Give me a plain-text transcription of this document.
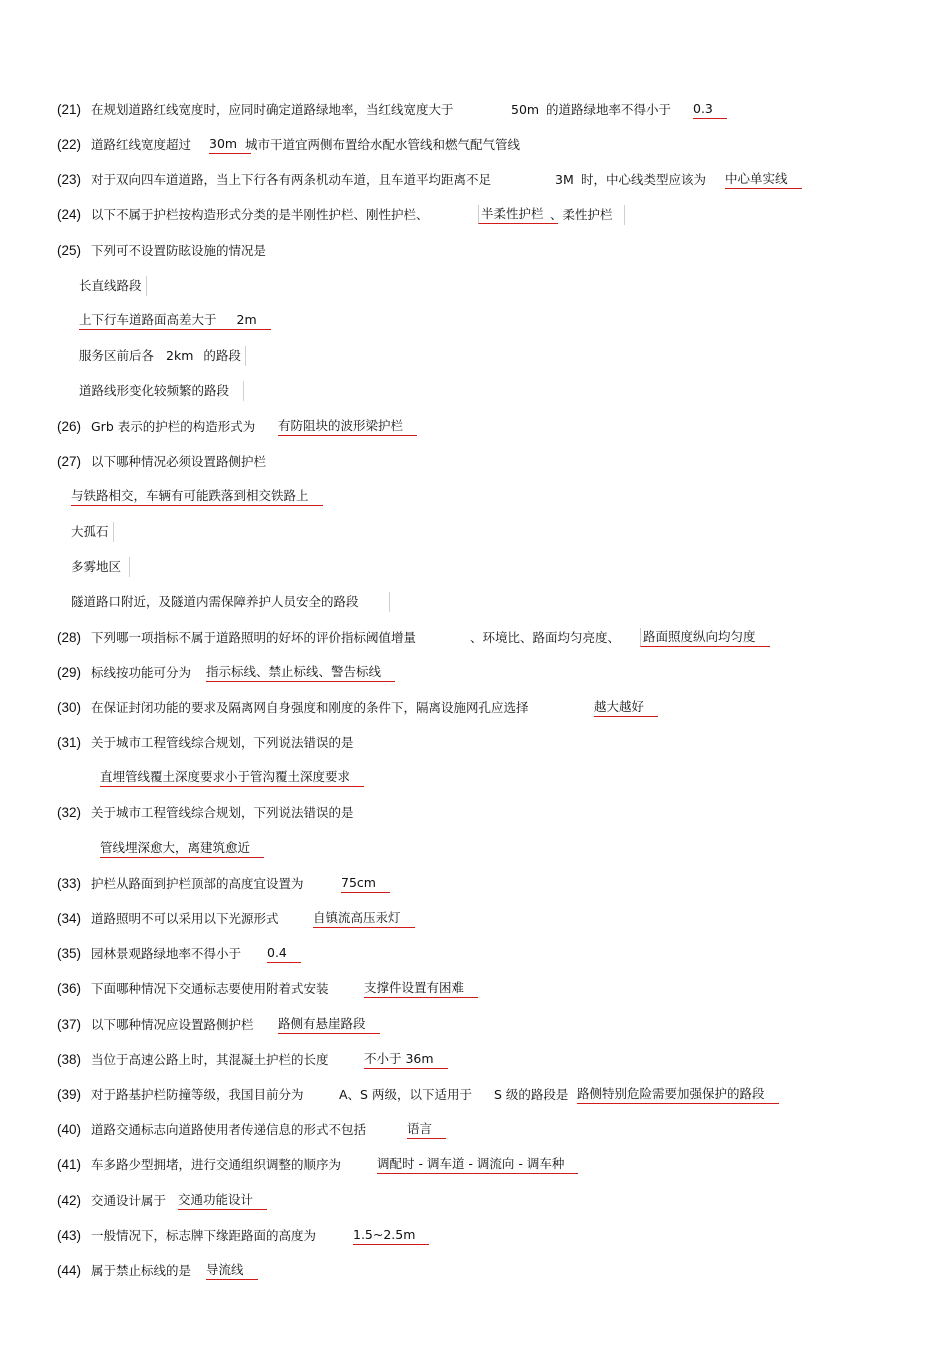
(21) 在规划道路红线宽度时，应同时确定道路绿地率，当红线宽度大于	50m 的道路绿地率不得小于 0.3
(22) 道路红线宽度超过 30m 城市干道宜两侧布置给水配水管线和燃气配气管线
(23) 对于双向四车道道路，当上下行各有两条机动车道，且车道平均距离不足	3M 时，中心线类型应该为 中心单实线
(24) 以下不属于护栏按构造形式分类的是半刚性护栏、刚性护栏、	半柔性护栏 、柔性护栏
(25) 下列可不设置防眩设施的情况是
长直线路段
上下行车道路面高差大于 2m
服务区前后各 2km 的路段
道路线形变化较频繁的路段
(26) Grb 表示的护栏的构造形式为 有防阻块的波形梁护栏
(27) 以下哪种情况必须设置路侧护栏
与铁路相交，车辆有可能跌落到相交铁路上
大孤石
多雾地区
隧道路口附近，及隧道内需保障养护人员安全的路段
(28) 下列哪一项指标不属于道路照明的好坏的评价指标阈值增量	、环境比、路面均匀亮度、 路面照度纵向均匀度
(29) 标线按功能可分为 指示标线、禁止标线、警告标线
(30) 在保证封闭功能的要求及隔离网自身强度和刚度的条件下，隔离设施网孔应选择	越大越好
(31) 关于城市工程管线综合规划，下列说法错误的是
直埋管线覆土深度要求小于管沟覆土深度要求
(32) 关于城市工程管线综合规划，下列说法错误的是
管线埋深愈大，离建筑愈近
(33) 护栏从路面到护栏顶部的高度宜设置为	75cm
(34) 道路照明不可以采用以下光源形式	自镇流高压汞灯
(35) 园林景观路绿地率不得小于 0.4
(36) 下面哪种情况下交通标志要使用附着式安装	支撑件设置有困难
(37) 以下哪种情况应设置路侧护栏 路侧有悬崖路段
(38) 当位于高速公路上时，其混凝土护栏的长度	不小于 36m
(39) 对于路基护栏防撞等级，我国目前分为	A、S 两级，以下适用于 S 级的路段是 路侧特别危险需要加强保护的路段
(40) 道路交通标志向道路使用者传递信息的形式不包括	语言
(41) 车多路少型拥堵，进行交通组织调整的顺序为	调配时 - 调车道 - 调流向 - 调车种
(42) 交通设计属于 交通功能设计
(43) 一般情况下，标志牌下缘距路面的高度为	1.5~2.5m
(44) 属于禁止标线的是 导流线
